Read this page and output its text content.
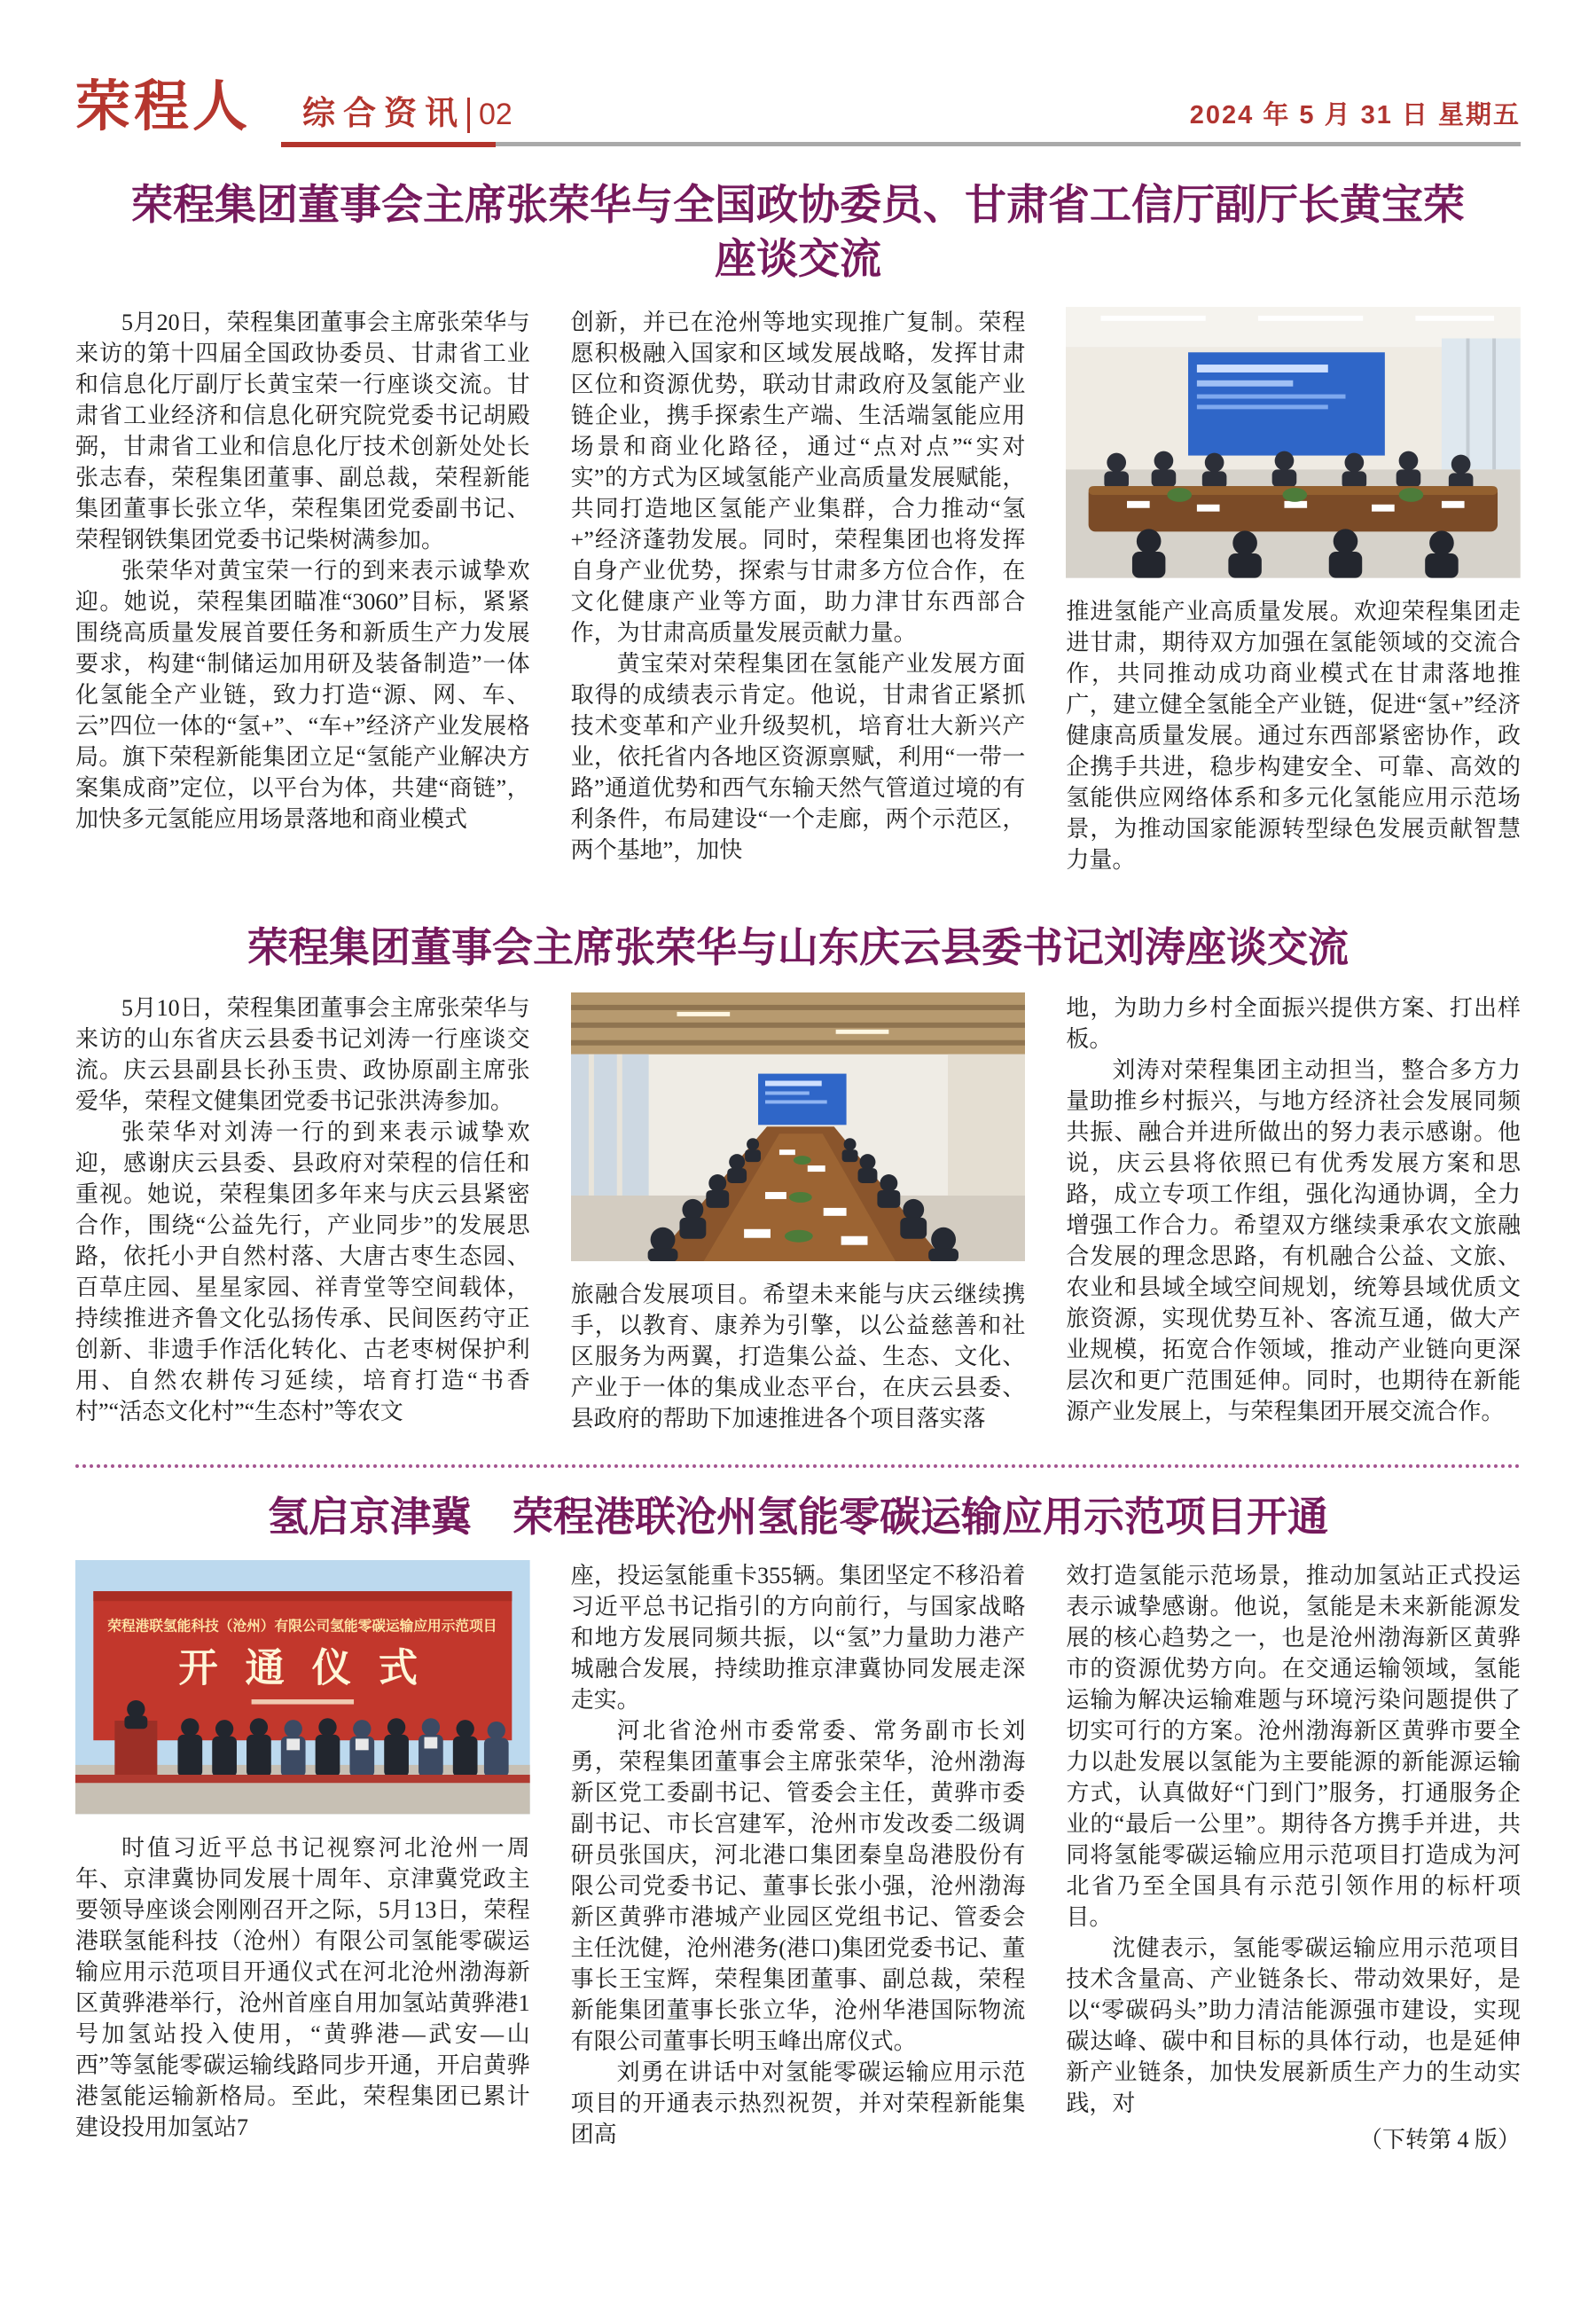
荣程人 综合资讯 02	2024 年 5 月 31 日 星期五
荣程集团董事会主席张荣华与全国政协委员、甘肃省工信厅副厅长黄宝荣
座谈交流

5月20日，荣程集团董事会主席张荣华与来访的第十四届全国政协委员、甘肃省工业和信息化厅副厅长黄宝荣一行座谈交流。甘肃省工业经济和信息化研究院党委书记胡殿弼，甘肃省工业和信息化厅技术创新处处长张志春，荣程集团董事、副总裁，荣程新能集团董事长张立华，荣程集团党委副书记、荣程钢铁集团党委书记柴树满参加。

张荣华对黄宝荣一行的到来表示诚挚欢迎。她说，荣程集团瞄准“3060”目标，紧紧围绕高质量发展首要任务和新质生产力发展要求，构建“制储运加用研及装备制造”一体化氢能全产业链，致力打造“源、网、车、云”四位一体的“氢+”、“车+”经济产业发展格局。旗下荣程新能集团立足“氢能产业解决方案集成商”定位，以平台为体，共建“商链”，加快多元氢能应用场景落地和商业模式

创新，并已在沧州等地实现推广复制。荣程愿积极融入国家和区域发展战略，发挥甘肃区位和资源优势，联动甘肃政府及氢能产业链企业，携手探索生产端、生活端氢能应用场景和商业化路径，通过“点对点”“实对实”的方式为区域氢能产业高质量发展赋能，共同打造地区氢能产业集群，合力推动“氢+”经济蓬勃发展。同时，荣程集团也将发挥自身产业优势，探索与甘肃多方位合作，在文化健康产业等方面，助力津甘东西部合作，为甘肃高质量发展贡献力量。

黄宝荣对荣程集团在氢能产业发展方面取得的成绩表示肯定。他说，甘肃省正紧抓技术变革和产业升级契机，培育壮大新兴产业，依托省内各地区资源禀赋，利用“一带一路”通道优势和西气东输天然气管道过境的有利条件，布局建设“一个走廊，两个示范区，两个基地”，加快

推进氢能产业高质量发展。欢迎荣程集团走进甘肃，期待双方加强在氢能领域的交流合作，共同推动成功商业模式在甘肃落地推广，建立健全氢能全产业链，促进“氢+”经济健康高质量发展。通过东西部紧密协作，政企携手共进，稳步构建安全、可靠、高效的氢能供应网络体系和多元化氢能应用示范场景，为推动国家能源转型绿色发展贡献智慧力量。

荣程集团董事会主席张荣华与山东庆云县委书记刘涛座谈交流

5月10日，荣程集团董事会主席张荣华与来访的山东省庆云县委书记刘涛一行座谈交流。庆云县副县长孙玉贵、政协原副主席张爱华，荣程文健集团党委书记张洪涛参加。

张荣华对刘涛一行的到来表示诚挚欢迎，感谢庆云县委、县政府对荣程的信任和重视。她说，荣程集团多年来与庆云县紧密合作，围绕“公益先行，产业同步”的发展思路，依托小尹自然村落、大唐古枣生态园、百草庄园、星星家园、祥青堂等空间载体，持续推进齐鲁文化弘扬传承、民间医药守正创新、非遗手作活化转化、古老枣树保护利用、自然农耕传习延续，培育打造“书香村”“活态文化村”“生态村”等农文

旅融合发展项目。希望未来能与庆云继续携手，以教育、康养为引擎，以公益慈善和社区服务为两翼，打造集公益、生态、文化、产业于一体的集成业态平台，在庆云县委、县政府的帮助下加速推进各个项目落实落

地，为助力乡村全面振兴提供方案、打出样板。

刘涛对荣程集团主动担当，整合多方力量助推乡村振兴，与地方经济社会发展同频共振、融合并进所做出的努力表示感谢。他说，庆云县将依照已有优秀发展方案和思路，成立专项工作组，强化沟通协调，全力增强工作合力。希望双方继续秉承农文旅融合发展的理念思路，有机融合公益、文旅、农业和县域全域空间规划，统筹县域优质文旅资源，实现优势互补、客流互通，做大产业规模，拓宽合作领域，推动产业链向更深层次和更广范围延伸。同时，也期待在新能源产业发展上，与荣程集团开展交流合作。

氢启京津冀　荣程港联沧州氢能零碳运输应用示范项目开通
荣程港联氢能科技（沧州）有限公司氢能零碳运输应用示范项目
开 通 仪 式

时值习近平总书记视察河北沧州一周年、京津冀协同发展十周年、京津冀党政主要领导座谈会刚刚召开之际，5月13日，荣程港联氢能科技（沧州）有限公司氢能零碳运输应用示范项目开通仪式在河北沧州渤海新区黄骅港举行，沧州首座自用加氢站黄骅港1号加氢站投入使用，“黄骅港—武安—山西”等氢能零碳运输线路同步开通，开启黄骅港氢能运输新格局。至此，荣程集团已累计建设投用加氢站7

座，投运氢能重卡355辆。集团坚定不移沿着习近平总书记指引的方向前行，与国家战略和地方发展同频共振，以“氢”力量助力港产城融合发展，持续助推京津冀协同发展走深走实。

河北省沧州市委常委、常务副市长刘勇，荣程集团董事会主席张荣华，沧州渤海新区党工委副书记、管委会主任，黄骅市委副书记、市长宫建军，沧州市发改委二级调研员张国庆，河北港口集团秦皇岛港股份有限公司党委书记、董事长张小强，沧州渤海新区黄骅市港城产业园区党组书记、管委会主任沈健，沧州港务(港口)集团党委书记、董事长王宝辉，荣程集团董事、副总裁，荣程新能集团董事长张立华，沧州华港国际物流有限公司董事长明玉峰出席仪式。

刘勇在讲话中对氢能零碳运输应用示范项目的开通表示热烈祝贺，并对荣程新能集团高

效打造氢能示范场景，推动加氢站正式投运表示诚挚感谢。他说，氢能是未来新能源发展的核心趋势之一，也是沧州渤海新区黄骅市的资源优势方向。在交通运输领域，氢能运输为解决运输难题与环境污染问题提供了切实可行的方案。沧州渤海新区黄骅市要全力以赴发展以氢能为主要能源的新能源运输方式，认真做好“门到门”服务，打通服务企业的“最后一公里”。期待各方携手并进，共同将氢能零碳运输应用示范项目打造成为河北省乃至全国具有示范引领作用的标杆项目。

沈健表示，氢能零碳运输应用示范项目技术含量高、产业链条长、带动效果好，是以“零碳码头”助力清洁能源强市建设，实现碳达峰、碳中和目标的具体行动，也是延伸新产业链条，加快发展新质生产力的生动实践，对

（下转第 4 版）
